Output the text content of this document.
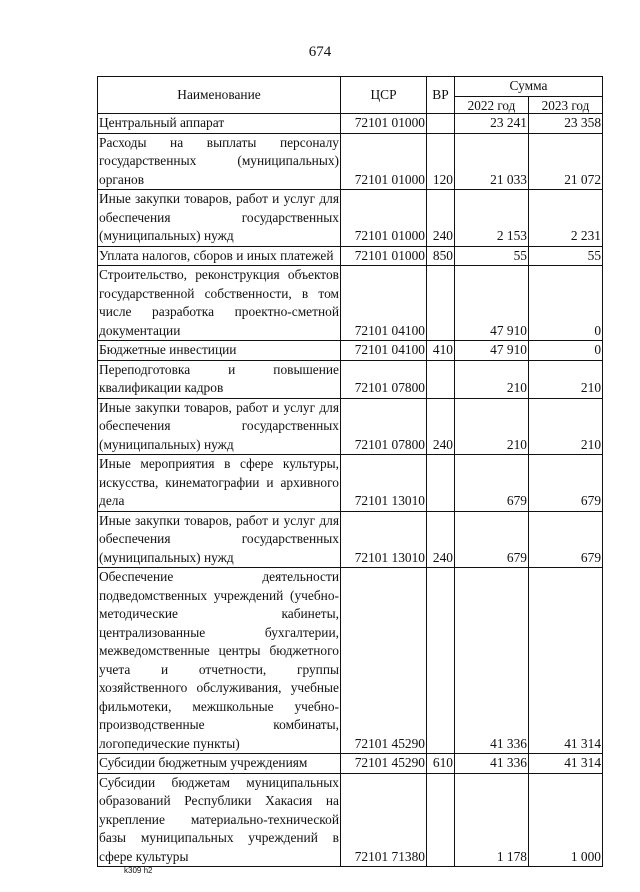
674
Наименование	ЦСР	ВР	Сумма	
			2022 год	2023 год
Центральный аппарат	72101 01000		23 241	23 358
Расходы на выплаты персоналу государственных (муниципальных) органов	72101 01000	120	21 033	21 072
Иные закупки товаров, работ и услуг для обеспечения государственных (муниципальных) нужд	72101 01000	240	2 153	2 231
Уплата налогов, сборов и иных платежей	72101 01000	850	55	55
Строительство, реконструкция объектов государственной собственности, в том числе разработка проектно-сметной документации	72101 04100		47 910	0
Бюджетные инвестиции	72101 04100	410	47 910	0
Переподготовка и повышение квалификации кадров	72101 07800		210	210
Иные закупки товаров, работ и услуг для обеспечения государственных (муниципальных) нужд	72101 07800	240	210	210
Иные мероприятия в сфере культуры, искусства, кинематографии и архивного дела	72101 13010		679	679
Иные закупки товаров, работ и услуг для обеспечения государственных (муниципальных) нужд	72101 13010	240	679	679
Обеспечение деятельности подведомственных учреждений (учебно-методические кабинеты, централизованные бухгалтерии, межведомственные центры бюджетного учета и отчетности, группы хозяйственного обслуживания, учебные фильмотеки, межшкольные учебно-производственные комбинаты, логопедические пункты)	72101 45290		41 336	41 314
Субсидии бюджетным учреждениям	72101 45290	610	41 336	41 314
Субсидии бюджетам муниципальных образований Республики Хакасия на укрепление материально-технической базы муниципальных учреждений в сфере культуры	72101 71380		1 178	1 000
k309 h2
